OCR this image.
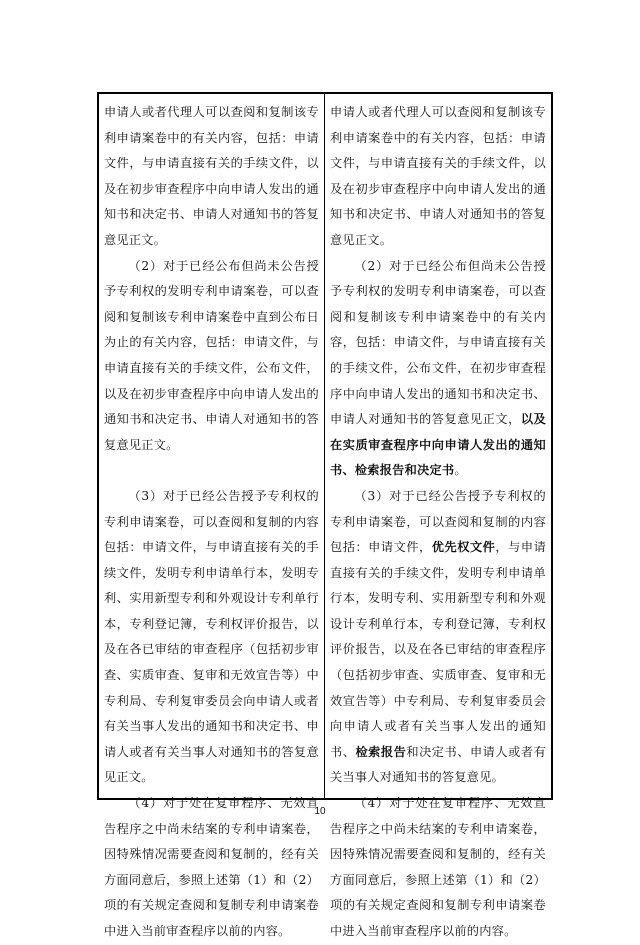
申请人或者代理人可以查阅和复制该专利申请案卷中的有关内容，包括：申请文件，与申请直接有关的手续文件，以及在初步审查程序中向申请人发出的通知书和决定书、申请人对通知书的答复意见正文。

（2）对于已经公布但尚未公告授予专利权的发明专利申请案卷，可以查阅和复制该专利申请案卷中直到公布日为止的有关内容，包括：申请文件，与申请直接有关的手续文件，公布文件，以及在初步审查程序中向申请人发出的通知书和决定书、申请人对通知书的答复意见正文。

（3）对于已经公告授予专利权的专利申请案卷，可以查阅和复制的内容包括：申请文件，与申请直接有关的手续文件，发明专利申请单行本，发明专利、实用新型专利和外观设计专利单行本，专利登记簿，专利权评价报告，以及在各已审结的审查程序（包括初步审查、实质审查、复审和无效宣告等）中专利局、专利复审委员会向申请人或者有关当事人发出的通知书和决定书、申请人或者有关当事人对通知书的答复意见正文。

（4）对于处在复审程序、无效宣告程序之中尚未结案的专利申请案卷，因特殊情况需要查阅和复制的，经有关方面同意后，参照上述第（1）和（2）项的有关规定查阅和复制专利申请案卷中进入当前审查程序以前的内容。

申请人或者代理人可以查阅和复制该专利申请案卷中的有关内容，包括：申请文件，与申请直接有关的手续文件，以及在初步审查程序中向申请人发出的通知书和决定书、申请人对通知书的答复意见正文。

（2）对于已经公布但尚未公告授予专利权的发明专利申请案卷，可以查阅和复制该专利申请案卷中的有关内容，包括：申请文件，与申请直接有关的手续文件，公布文件，在初步审查程序中向申请人发出的通知书和决定书、申请人对通知书的答复意见正文，以及在实质审查程序中向申请人发出的通知书、检索报告和决定书。

（3）对于已经公告授予专利权的专利申请案卷，可以查阅和复制的内容包括：申请文件，优先权文件，与申请直接有关的手续文件，发明专利申请单行本，发明专利、实用新型专利和外观设计专利单行本，专利登记簿，专利权评价报告，以及在各已审结的审查程序（包括初步审查、实质审查、复审和无效宣告等）中专利局、专利复审委员会向申请人或者有关当事人发出的通知书、检索报告和决定书、申请人或者有关当事人对通知书的答复意见。

（4）对于处在复审程序、无效宣告程序之中尚未结案的专利申请案卷，因特殊情况需要查阅和复制的，经有关方面同意后，参照上述第（1）和（2）项的有关规定查阅和复制专利申请案卷中进入当前审查程序以前的内容。

10
